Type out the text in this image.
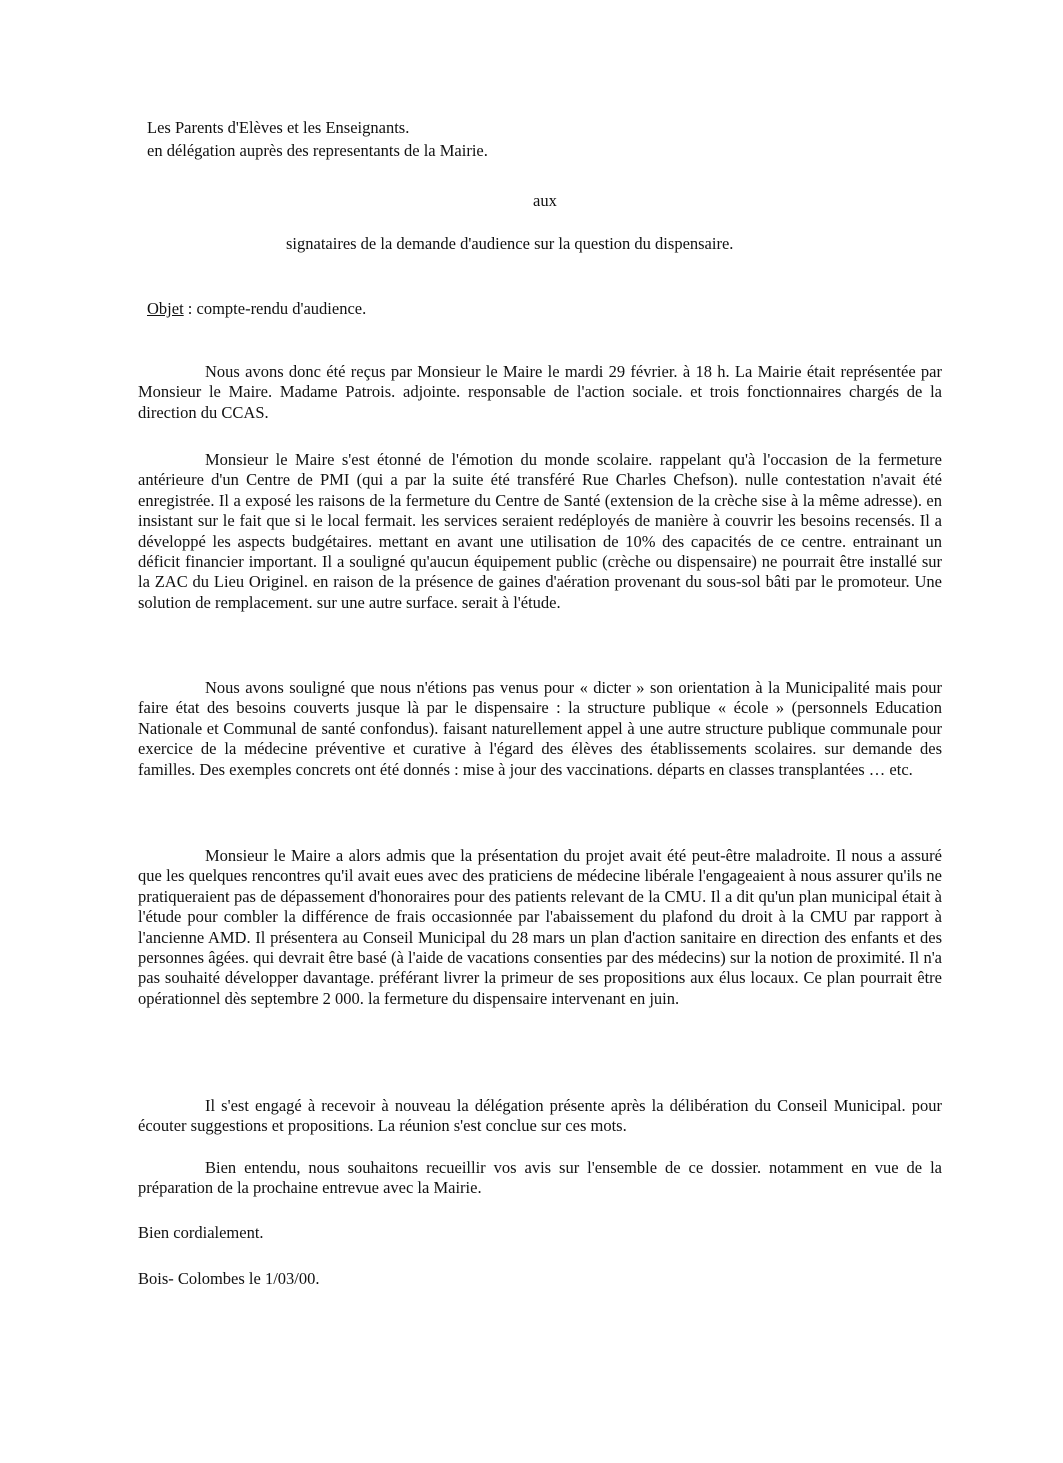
Les Parents d'Elèves et les Enseignants.
en délégation auprès des representants de la Mairie.
aux
signataires de la demande d'audience sur la question du dispensaire.
Objet : compte-rendu d'audience.

Nous avons donc été reçus par Monsieur le Maire le mardi 29 février. à 18 h. La Mairie était représentée par Monsieur le Maire. Madame Patrois. adjointe. responsable de l'action sociale. et trois fonctionnaires chargés de la direction du CCAS.

Monsieur le Maire s'est étonné de l'émotion du monde scolaire. rappelant qu'à l'occasion de la fermeture antérieure d'un Centre de PMI (qui a par la suite été transféré Rue Charles Chefson). nulle contestation n'avait été enregistrée. Il a exposé les raisons de la fermeture du Centre de Santé (extension de la crèche sise à la même adresse). en insistant sur le fait que si le local fermait. les services seraient redéployés de manière à couvrir les besoins recensés. Il a développé les aspects budgétaires. mettant en avant une utilisation de 10% des capacités de ce centre. entrainant un déficit financier important. Il a souligné qu'aucun équipement public (crèche ou dispensaire) ne pourrait être installé sur la ZAC du Lieu Originel. en raison de la présence de gaines d'aération provenant du sous-sol bâti par le promoteur. Une solution de remplacement. sur une autre surface. serait à l'étude.

Nous avons souligné que nous n'étions pas venus pour « dicter » son orientation à la Municipalité mais pour faire état des besoins couverts jusque là par le dispensaire : la structure publique « école » (personnels Education Nationale et Communal de santé confondus). faisant naturellement appel à une autre structure publique communale pour exercice de la médecine préventive et curative à l'égard des élèves des établissements scolaires. sur demande des familles. Des exemples concrets ont été donnés : mise à jour des vaccinations. départs en classes transplantées … etc.

Monsieur le Maire a alors admis que la présentation du projet avait été peut-être maladroite. Il nous a assuré que les quelques rencontres qu'il avait eues avec des praticiens de médecine libérale l'engageaient à nous assurer qu'ils ne pratiqueraient pas de dépassement d'honoraires pour des patients relevant de la CMU. Il a dit qu'un plan municipal était à l'étude pour combler la différence de frais occasionnée par l'abaissement du plafond du droit à la CMU par rapport à l'ancienne AMD. Il présentera au Conseil Municipal du 28 mars un plan d'action sanitaire en direction des enfants et des personnes âgées. qui devrait être basé (à l'aide de vacations consenties par des médecins) sur la notion de proximité. Il n'a pas souhaité développer davantage. préférant livrer la primeur de ses propositions aux élus locaux. Ce plan pourrait être opérationnel dès septembre 2 000. la fermeture du dispensaire intervenant en juin.

Il s'est engagé à recevoir à nouveau la délégation présente après la délibération du Conseil Municipal. pour écouter suggestions et propositions. La réunion s'est conclue sur ces mots.

Bien entendu, nous souhaitons recueillir vos avis sur l'ensemble de ce dossier. notamment en vue de la préparation de la prochaine entrevue avec la Mairie.

Bien cordialement.
Bois- Colombes le 1/03/00.
